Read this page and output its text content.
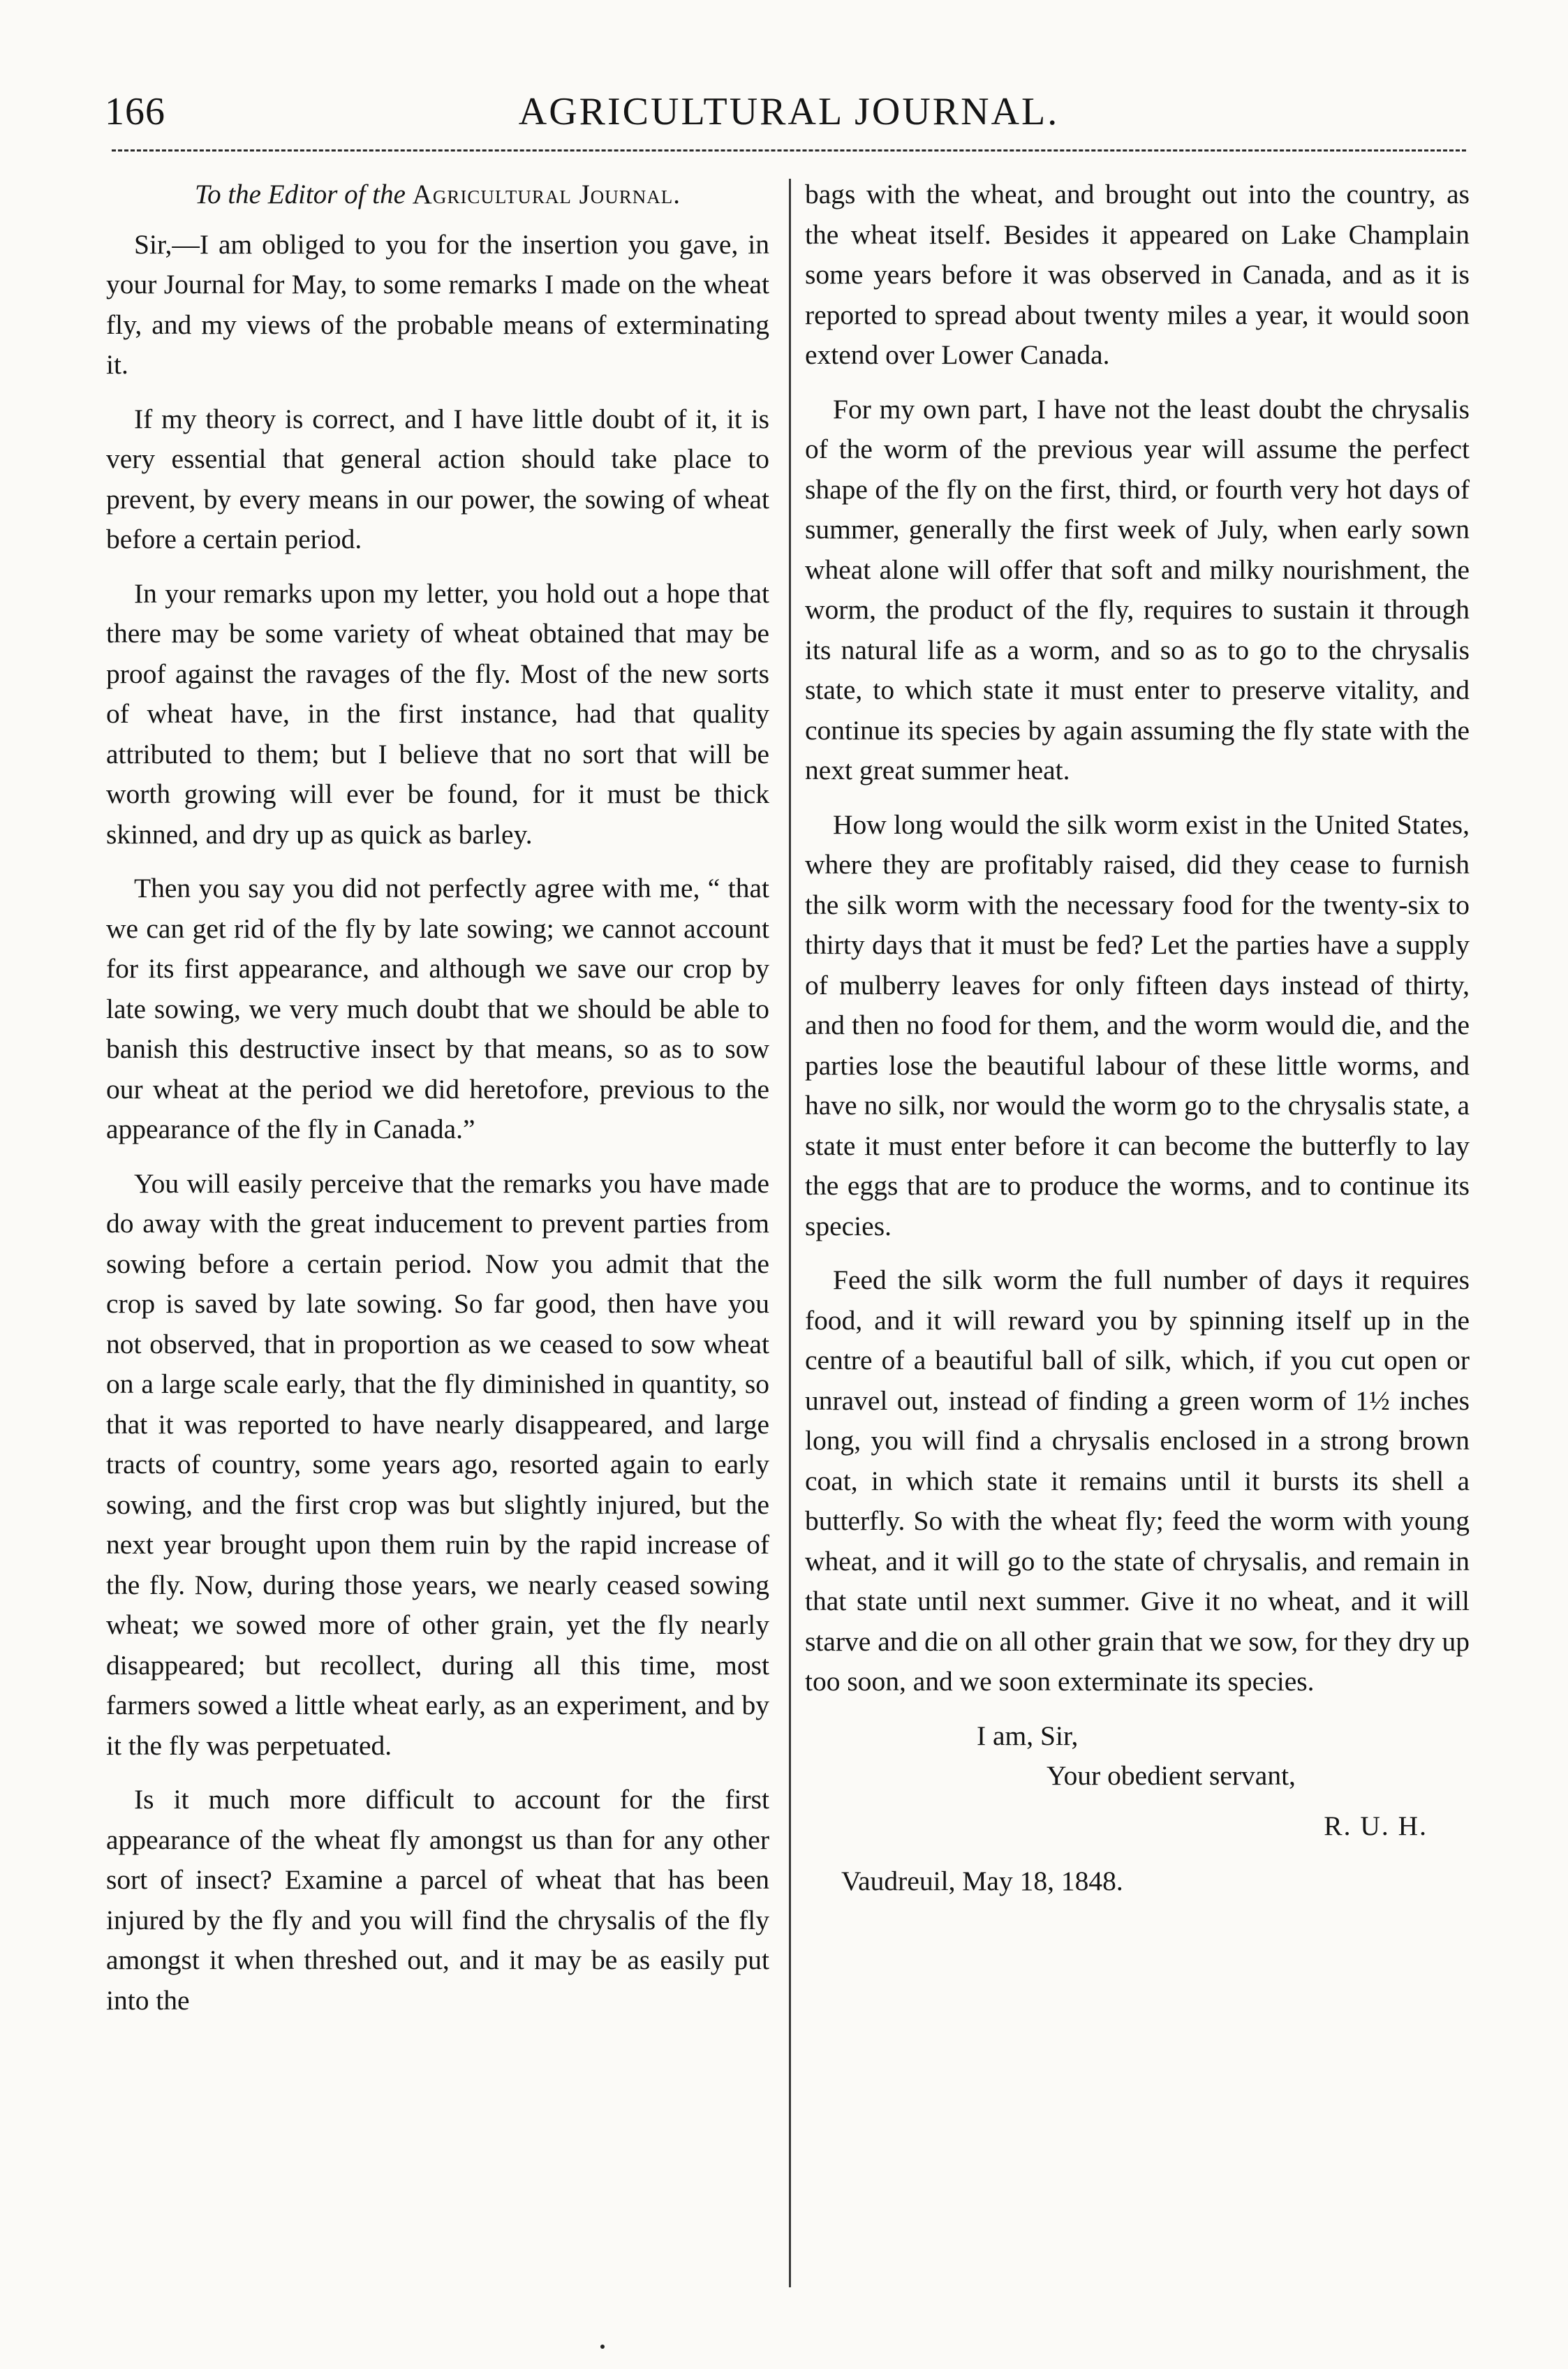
166	AGRICULTURAL JOURNAL.
To the Editor of the Agricultural Journal.

Sir,—I am obliged to you for the insertion you gave, in your Journal for May, to some remarks I made on the wheat fly, and my views of the probable means of exterminating it.

If my theory is correct, and I have little doubt of it, it is very essential that general action should take place to prevent, by every means in our power, the sowing of wheat before a certain period.

In your remarks upon my letter, you hold out a hope that there may be some variety of wheat obtained that may be proof against the ravages of the fly. Most of the new sorts of wheat have, in the first instance, had that quality attributed to them; but I believe that no sort that will be worth growing will ever be found, for it must be thick skinned, and dry up as quick as barley.

Then you say you did not perfectly agree with me, “ that we can get rid of the fly by late sowing; we cannot account for its first appearance, and although we save our crop by late sowing, we very much doubt that we should be able to banish this destructive insect by that means, so as to sow our wheat at the period we did heretofore, previous to the appearance of the fly in Canada.”

You will easily perceive that the remarks you have made do away with the great inducement to prevent parties from sowing before a certain period. Now you admit that the crop is saved by late sowing. So far good, then have you not observed, that in proportion as we ceased to sow wheat on a large scale early, that the fly diminished in quantity, so that it was reported to have nearly disappeared, and large tracts of country, some years ago, resorted again to early sowing, and the first crop was but slightly injured, but the next year brought upon them ruin by the rapid increase of the fly. Now, during those years, we nearly ceased sowing wheat; we sowed more of other grain, yet the fly nearly disappeared; but recollect, during all this time, most farmers sowed a little wheat early, as an experiment, and by it the fly was perpetuated.

Is it much more difficult to account for the first appearance of the wheat fly amongst us than for any other sort of insect? Examine a parcel of wheat that has been injured by the fly and you will find the chrysalis of the fly amongst it when threshed out, and it may be as easily put into the

bags with the wheat, and brought out into the country, as the wheat itself. Besides it appeared on Lake Champlain some years before it was observed in Canada, and as it is reported to spread about twenty miles a year, it would soon extend over Lower Canada.

For my own part, I have not the least doubt the chrysalis of the worm of the previous year will assume the perfect shape of the fly on the first, third, or fourth very hot days of summer, generally the first week of July, when early sown wheat alone will offer that soft and milky nourishment, the worm, the product of the fly, requires to sustain it through its natural life as a worm, and so as to go to the chrysalis state, to which state it must enter to preserve vitality, and continue its species by again assuming the fly state with the next great summer heat.

How long would the silk worm exist in the United States, where they are profitably raised, did they cease to furnish the silk worm with the necessary food for the twenty-six to thirty days that it must be fed? Let the parties have a supply of mulberry leaves for only fifteen days instead of thirty, and then no food for them, and the worm would die, and the parties lose the beautiful labour of these little worms, and have no silk, nor would the worm go to the chrysalis state, a state it must enter before it can become the butterfly to lay the eggs that are to produce the worms, and to continue its species.

Feed the silk worm the full number of days it requires food, and it will reward you by spinning itself up in the centre of a beautiful ball of silk, which, if you cut open or unravel out, instead of finding a green worm of 1½ inches long, you will find a chrysalis enclosed in a strong brown coat, in which state it remains until it bursts its shell a butterfly. So with the wheat fly; feed the worm with young wheat, and it will go to the state of chrysalis, and remain in that state until next summer. Give it no wheat, and it will starve and die on all other grain that we sow, for they dry up too soon, and we soon exterminate its species.

I am, Sir,
Your obedient servant,
R. U. H.
Vaudreuil, May 18, 1848.
